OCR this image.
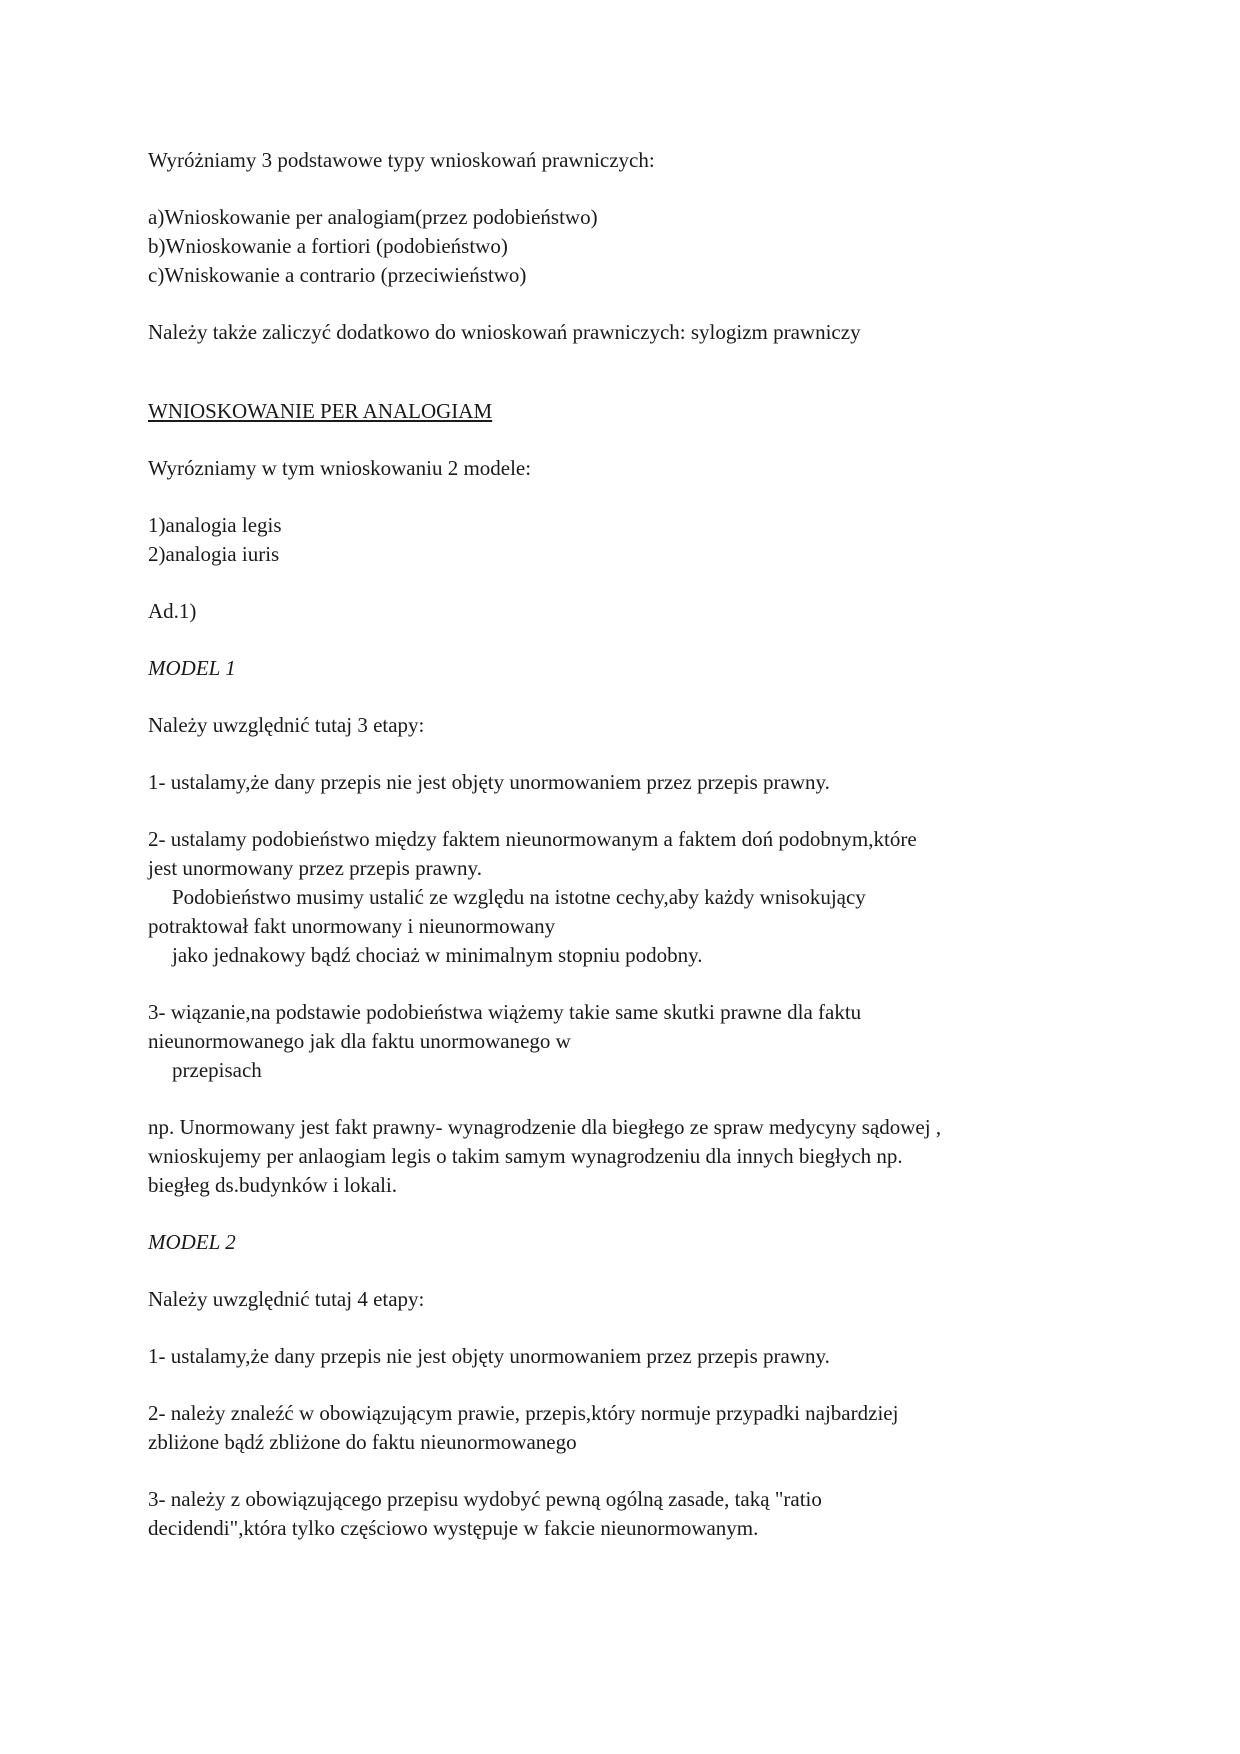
Wyróżniamy 3 podstawowe typy wnioskowań prawniczych:

a)Wnioskowanie per analogiam(przez podobieństwo)
b)Wnioskowanie a fortiori (podobieństwo)
c)Wniskowanie a contrario (przeciwieństwo)

Należy także zaliczyć dodatkowo do wnioskowań prawniczych: sylogizm prawniczy

WNIOSKOWANIE PER ANALOGIAM

Wyrózniamy w tym wnioskowaniu 2 modele:

1)analogia legis
2)analogia iuris

Ad.1)

MODEL 1

Należy uwzględnić tutaj 3 etapy:

1- ustalamy,że dany przepis nie jest objęty unormowaniem przez przepis prawny.

2- ustalamy podobieństwo między faktem nieunormowanym a faktem doń podobnym,które
jest unormowany przez przepis prawny.
Podobieństwo musimy ustalić ze względu na istotne cechy,aby każdy wnisokujący
potraktował fakt unormowany i nieunormowany
jako jednakowy bądź chociaż w minimalnym stopniu podobny.

3- wiązanie,na podstawie podobieństwa wiążemy takie same skutki prawne dla faktu
nieunormowanego jak dla faktu unormowanego w
przepisach

np. Unormowany jest fakt prawny- wynagrodzenie dla biegłego ze spraw medycyny sądowej ,
wnioskujemy per anlaogiam legis o takim samym wynagrodzeniu dla innych biegłych np.
biegłeg ds.budynków i lokali.

MODEL 2

Należy uwzględnić tutaj 4 etapy:

1- ustalamy,że dany przepis nie jest objęty unormowaniem przez przepis prawny.

2- należy znaleźć w obowiązującym prawie, przepis,który normuje przypadki najbardziej
zbliżone bądź zbliżone do faktu nieunormowanego

3- należy z obowiązującego przepisu wydobyć pewną ogólną zasade, taką "ratio
decidendi",która tylko częściowo występuje w fakcie nieunormowanym.
